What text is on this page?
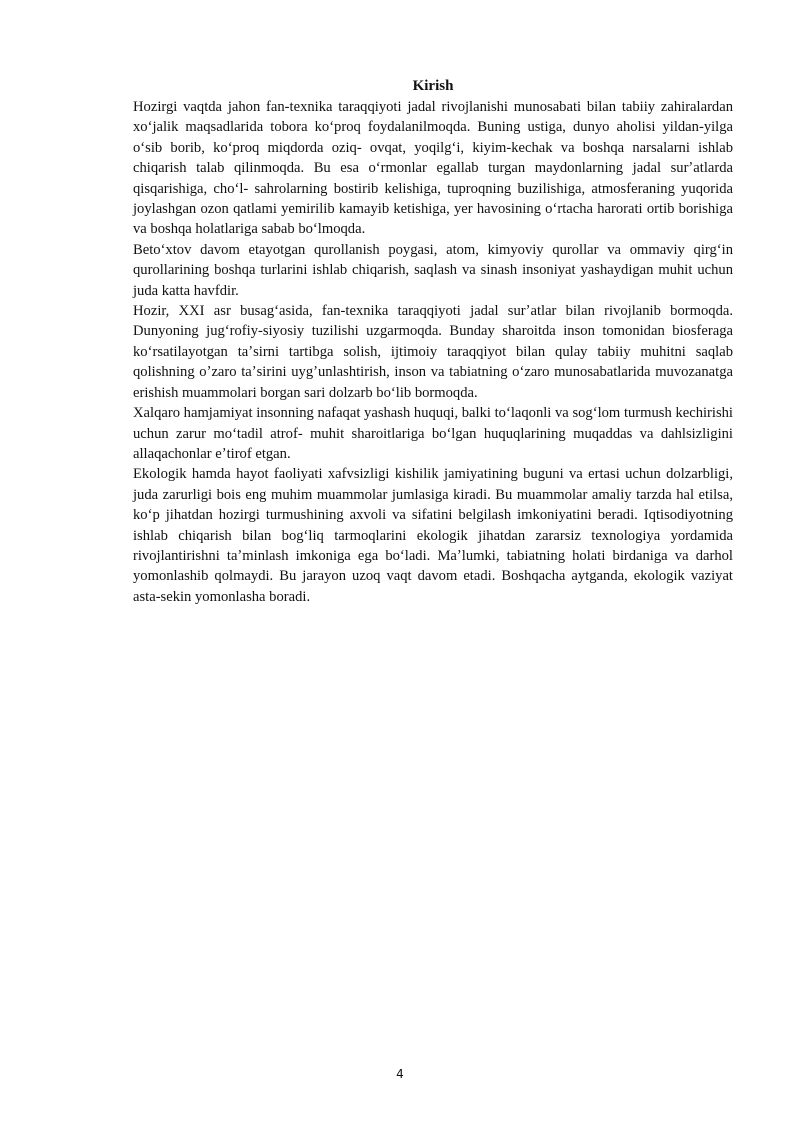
Kirish

Hozirgi vaqtda jahon fan-texnika taraqqiyoti jadal rivojlanishi munosabati bilan tabiiy zahiralardan xoʻjalik maqsadlarida tobora koʻproq foydalanilmoqda. Buning ustiga, dunyo aholisi yildan-yilga oʻsib borib, koʻproq miqdorda oziq- ovqat, yoqilgʻi, kiyim-kechak va boshqa narsalarni ishlab chiqarish talab qilinmoqda. Bu esa oʻrmonlar egallab turgan maydonlarning jadal surʼatlarda qisqarishiga, choʻl- sahrolarning bostirib kelishiga, tuproqning buzilishiga, atmosferaning yuqorida joylashgan ozon qatlami yemirilib kamayib ketishiga, yer havosining oʻrtacha harorati ortib borishiga va boshqa holatlariga sabab boʻlmoqda.

Betoʻxtov davom etayotgan qurollanish poygasi, atom, kimyoviy qurollar va ommaviy qirgʻin qurollarining boshqa turlarini ishlab chiqarish, saqlash va sinash insoniyat yashaydigan muhit uchun juda katta havfdir.

Hozir, XXI asr busagʻasida, fan-texnika taraqqiyoti jadal surʼatlar bilan rivojlanib bormoqda. Dunyoning jugʻrofiy-siyosiy tuzilishi uzgarmoqda. Bunday sharoitda inson tomonidan biosferaga koʻrsatilayotgan taʼsirni tartibga solish, ijtimoiy taraqqiyot bilan qulay tabiiy muhitni saqlab qolishning oʼzaro taʼsirini uygʼunlashtirish, inson va tabiatning oʻzaro munosabatlarida muvozanatga erishish muammolari borgan sari dolzarb boʻlib bormoqda.

Xalqaro hamjamiyat insonning nafaqat yashash huquqi, balki toʻlaqonli va sogʻlom turmush kechirishi uchun zarur moʻtadil atrof- muhit sharoitlariga boʻlgan huquqlarining muqaddas va dahlsizligini allaqachonlar eʼtirof etgan.

Ekologik hamda hayot faoliyati xafvsizligi kishilik jamiyatining buguni va ertasi uchun dolzarbligi, juda zarurligi bois eng muhim muammolar jumlasiga kiradi. Bu muammolar amaliy tarzda hal etilsa, koʻp jihatdan hozirgi turmushining axvoli va sifatini belgilash imkoniyatini beradi. Iqtisodiyotning ishlab chiqarish bilan bogʻliq tarmoqlarini ekologik jihatdan zararsiz texnologiya yordamida rivojlantirishni taʼminlash imkoniga ega boʻladi. Maʼlumki, tabiatning holati birdaniga va darhol yomonlashib qolmaydi. Bu jarayon uzoq vaqt davom etadi. Boshqacha aytganda, ekologik vaziyat asta-sekin yomonlasha boradi.

4
